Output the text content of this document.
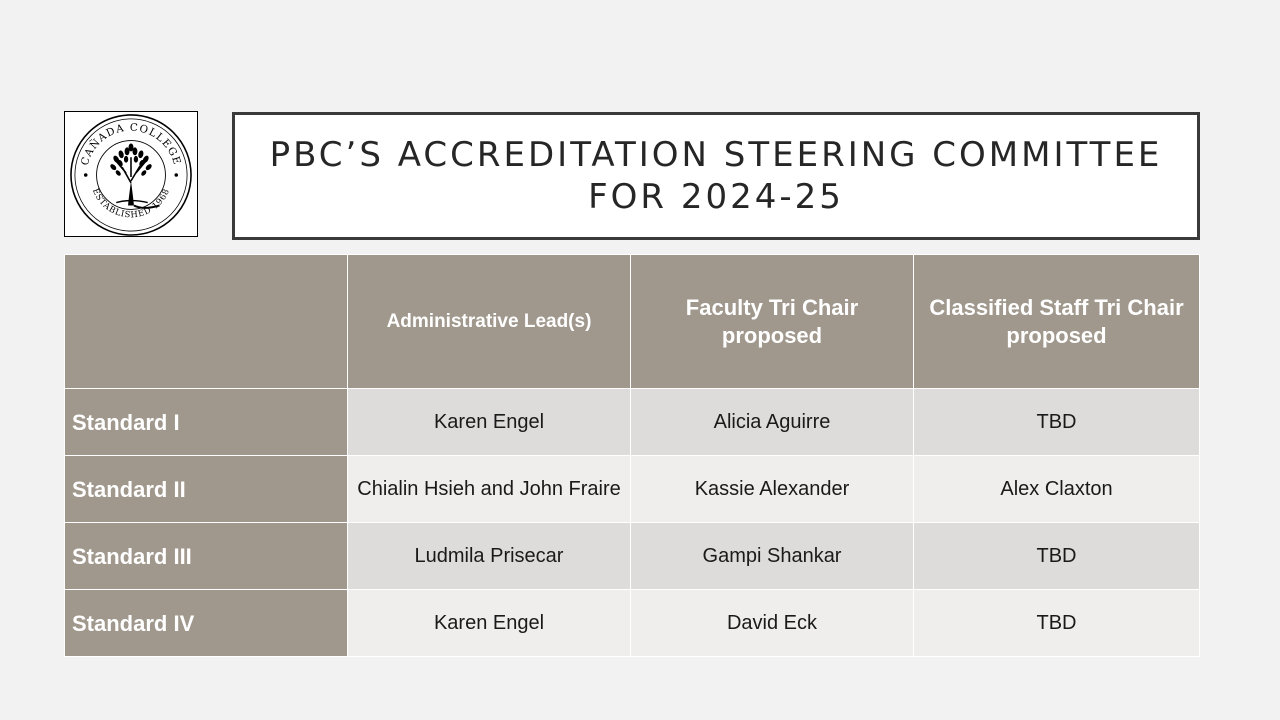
CAÑADA COLLEGE
ESTABLISHED 1968
PBC’S ACCREDITATION STEERING COMMITTEE
FOR 2024-25
	Administrative Lead(s)	Faculty Tri Chair proposed	Classified Staff Tri Chair proposed
Standard I	Karen Engel	Alicia Aguirre	TBD
Standard II	Chialin Hsieh and John Fraire	Kassie Alexander	Alex Claxton
Standard III	Ludmila Prisecar	Gampi Shankar	TBD
Standard IV	Karen Engel	David Eck	TBD
